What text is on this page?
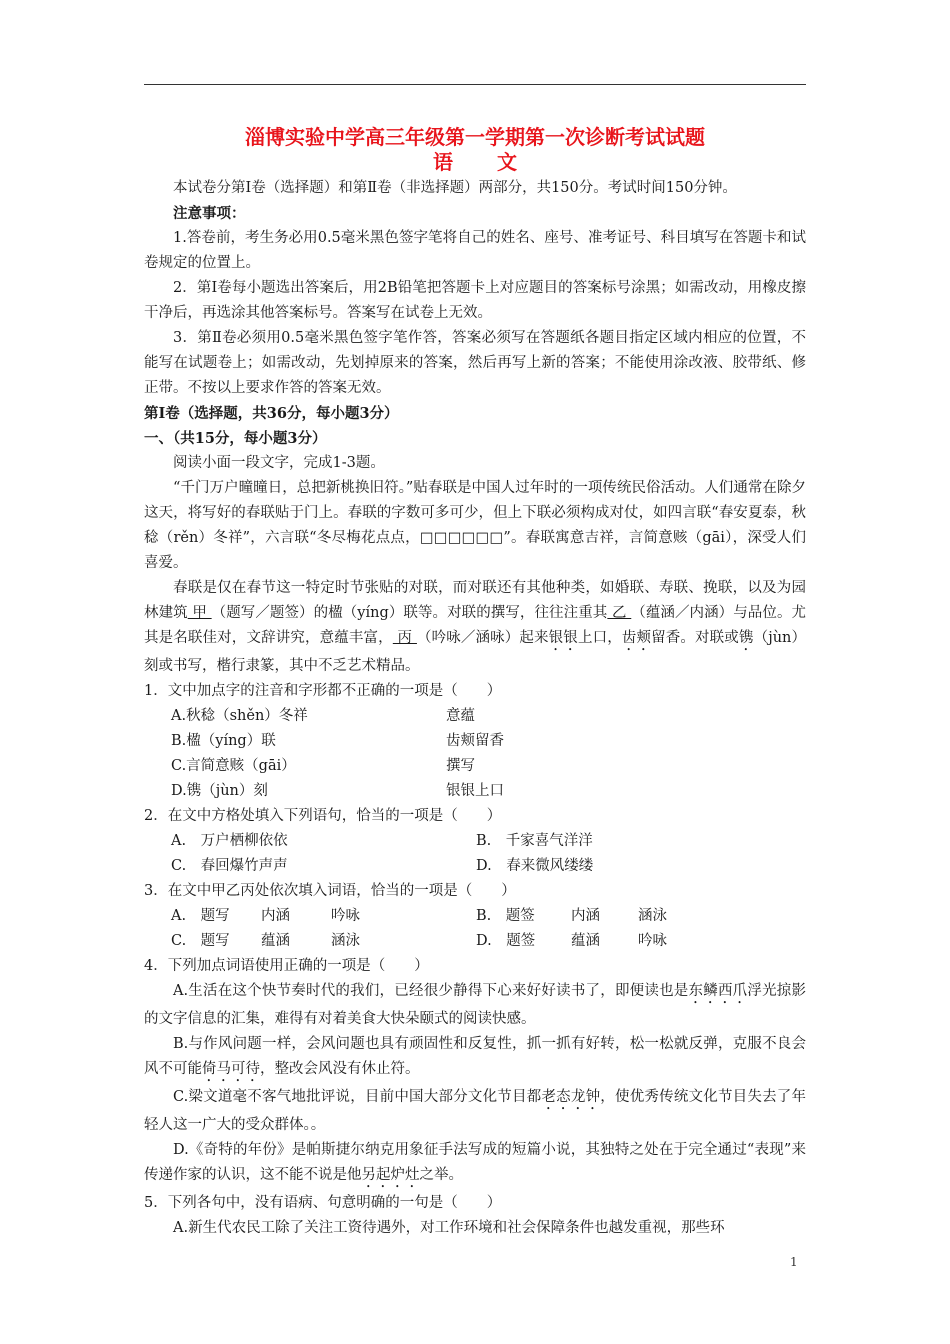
淄博实验中学高三年级第一学期第一次诊断考试试题
语 文

本试卷分第Ⅰ卷（选择题）和第Ⅱ卷（非选择题）两部分，共150分。考试时间150分钟。

注意事项：

1.答卷前，考生务必用0.5毫米黑色签字笔将自己的姓名、座号、准考证号、科目填写在答题卡和试卷规定的位置上。

2．第Ⅰ卷每小题选出答案后，用2B铅笔把答题卡上对应题目的答案标号涂黑；如需改动，用橡皮擦干净后，再选涂其他答案标号。答案写在试卷上无效。

3．第Ⅱ卷必须用0.5毫米黑色签字笔作答，答案必须写在答题纸各题目指定区域内相应的位置，不能写在试题卷上；如需改动，先划掉原来的答案，然后再写上新的答案；不能使用涂改液、胶带纸、修正带。不按以上要求作答的答案无效。

第Ⅰ卷（选择题，共36分，每小题3分）

一、（共15分，每小题3分）

阅读小面一段文字，完成1-3题。

“千门万户曈曈日，总把新桃换旧符。”贴春联是中国人过年时的一项传统民俗活动。人们通常在除夕这天，将写好的春联贴于门上。春联的字数可多可少，但上下联必须构成对仗，如四言联“春安夏泰，秋稔（rěn）冬祥”，六言联“冬尽梅花点点，□□□□□□”。春联寓意吉祥，言简意赅（gāi），深受人们喜爱。

春联是仅在春节这一特定时节张贴的对联，而对联还有其他种类，如婚联、寿联、挽联，以及为园林建筑 甲 （题写／题签）的楹（yíng）联等。对联的撰写，往往注重其 乙 （蕴涵／内涵）与品位。尤其是名联佳对，文辞讲究，意蕴丰富， 丙 （吟咏／涵咏）起来银银上口，齿颊留香。对联或镌（jùn）刻或书写，楷行隶篆，其中不乏艺术精品。

1．文中加点字的注音和字形都不正确的一项是（　　）

A.秋稔（shěn）冬祥	意蕴
B.楹（yíng）联	齿颊留香
C.言简意赅（gāi）	撰写
D.镌（jùn）刻	银银上口

2．在文中方格处填入下列语句，恰当的一项是（　　）

A.　万户栖柳依依	B.　千家喜气洋洋
C.　春回爆竹声声	D.　春来微风缕缕

3．在文中甲乙丙处依次填入词语，恰当的一项是（　　）

A.　题写 内涵	吟咏	B.　题签 内涵	涵泳
C.　题写 蕴涵	涵泳	D.　题签 蕴涵	吟咏

4．下列加点词语使用正确的一项是（　　）

A.生活在这个快节奏时代的我们，已经很少静得下心来好好读书了，即便读也是东鳞西爪浮光掠影的文字信息的汇集，难得有对着美食大快朵颐式的阅读快感。

B.与作风问题一样，会风问题也具有顽固性和反复性，抓一抓有好转，松一松就反弹，克服不良会风不可能倚马可待，整改会风没有休止符。

C.梁文道毫不客气地批评说，目前中国大部分文化节目都老态龙钟，使优秀传统文化节目失去了年轻人这一广大的受众群体。。

D.《奇特的年份》是帕斯捷尔纳克用象征手法写成的短篇小说，其独特之处在于完全通过“表现”来传递作家的认识，这不能不说是他另起炉灶之举。

5．下列各句中，没有语病、句意明确的一句是（　　）

A.新生代农民工除了关注工资待遇外，对工作环境和社会保障条件也越发重视，那些环

1
